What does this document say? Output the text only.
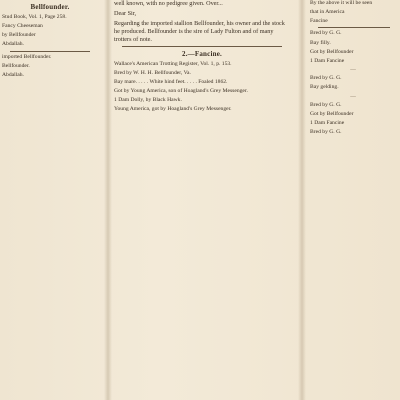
Bellfounder.

Stud Book, Vol. 1, Page 258.

Fancy Cheeseman

by Bellfounder

Abdallah.

imported Bellfounder.

Bellfounder.

Abdallah.

well known, with no pedigree given. Over...

Dear Sir,

Regarding the imported stallion Bellfounder, his owner and the stock he produced. Bellfounder is the sire of Lady Fulton and of many trotters of note.

2.—Fancine.

Wallace's American Trotting Register, Vol. 1, p. 153.

Bred by W. H. H. Bellfounder, Va.

Bay mare. . . . . White hind feet. . . . . Foaled 1862.

Got by Young America, son of Hoagland's Grey Messenger.

1 Dam Dolly, by Black Hawk.

Young America, got by Hoagland's Grey Messenger.

By the above it will be seen

that in America

Fancine

Bred by G. G.

Bay filly.

Got by Bellfounder

1 Dam Fancine

—

Bred by G. G.

Bay gelding.

—

Bred by G. G.

Got by Bellfounder

1 Dam Fancine

Bred by G. G.
